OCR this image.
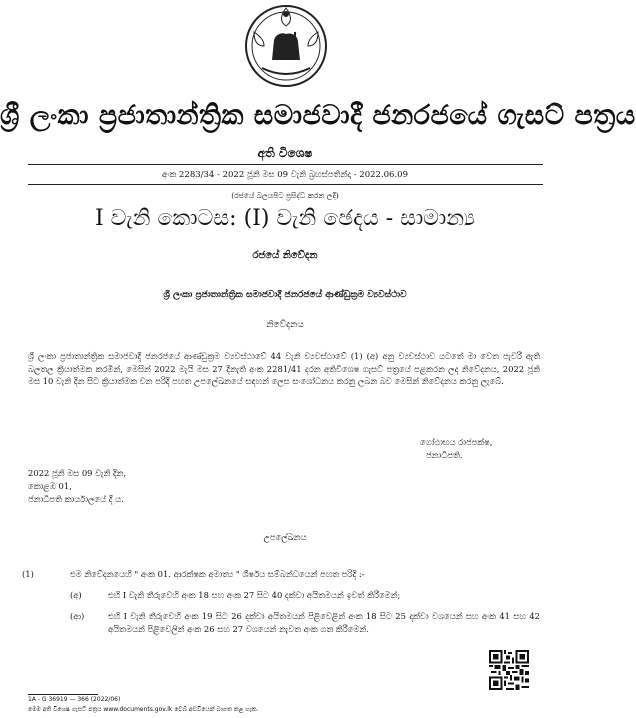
ශ්‍රී ලංකා ප්‍රජාතාන්ත්‍රික සමාජවාදී ජනරජයේ ගැසට් පත්‍රය
අති විශෙෂ
අංක 2283/34 - 2022 ජූනි මස 09 වැනි බ්‍රහස්පතින්දා - 2022.06.09
(රජයේ බලයපිට ප්‍රසිද්ධ කරන ලදී)
I වැනි කොටස: (I) වැනි ඡෙදය - සාමාන්‍ය
රජයේ නිවේදන
ශ්‍රී ලංකා ප්‍රජාතාන්ත්‍රික සමාජවාදී ජනරජයේ ආණ්ඩුක්‍රම ව්‍යවස්ථාව
නිවේදනය
ශ්‍රී ලංකා ප්‍රජාතාන්ත්‍රික සමාජවාදී ජනරජයේ ආණ්ඩුක්‍රම ව්‍යවස්ථාවේ 44 වැනි ව්‍යවස්ථාවේ (1) (අ) අනු ව්‍යවස්ථාව යටතේ මා වෙත පැවරී ඇති බලතල ක්‍රියාත්මක කරමින්, මෙසින් 2022 මැයි මස 27 දිනැති අංක 2281/41 දරන අතිවිශෙෂ ගැසට් පත්‍රයේ පළකරන ලද නිවේදනය, 2022 ජූනි මස 10 වැනි දින සිට ක්‍රියාත්මක වන පරිදි පහත උපලේඛනයේ සඳහන් ලෙස සංශෝධනය කරනු ලබන බව මෙසින් නිවේදනය කරනු ලැබේ.
ගෝඨාභය රාජපක්ෂ,
ජනාධිපති.
2022 ජූනි මස 09 වැනි දින,
කොළඹ 01,
ජනාධිපති කාර්යාලයේ දී ය.
උපලේඛනය
(1)	එම නිවේදනයෙහි " අංක 01. ආරක්ෂක අමාත්‍ය " ශීර්ෂය සම්බන්ධයෙන් පහත පරිදි :-
(අ)	එහි I වැනි තීරුවෙහි අංක 18 සහ අංක 27 සිට 40 දක්වා අයිතමයන් ඉවත් කිරීමෙන්;
(ආ)	එහි I වැනි තීරුවෙහි අංක 19 සිට 26 දක්වා අයිතමයන් පිළිවෙළින් අංක 18 සිට 25 දක්වා වශයෙන් සහ අංක 41 සහ 42 අයිතමයන් පිළිවෙලින් අංක 26 සහ 27 වශයෙන් නැවත අංක ගත කිරීමෙන්.
1A - G 36919 — 366 (2022/06)
මෙම අති විශෙෂ ගැසට් පත්‍රය www.documents.gov.lk වෙබ් අඩවියෙන් බාගත කළ හැක.
